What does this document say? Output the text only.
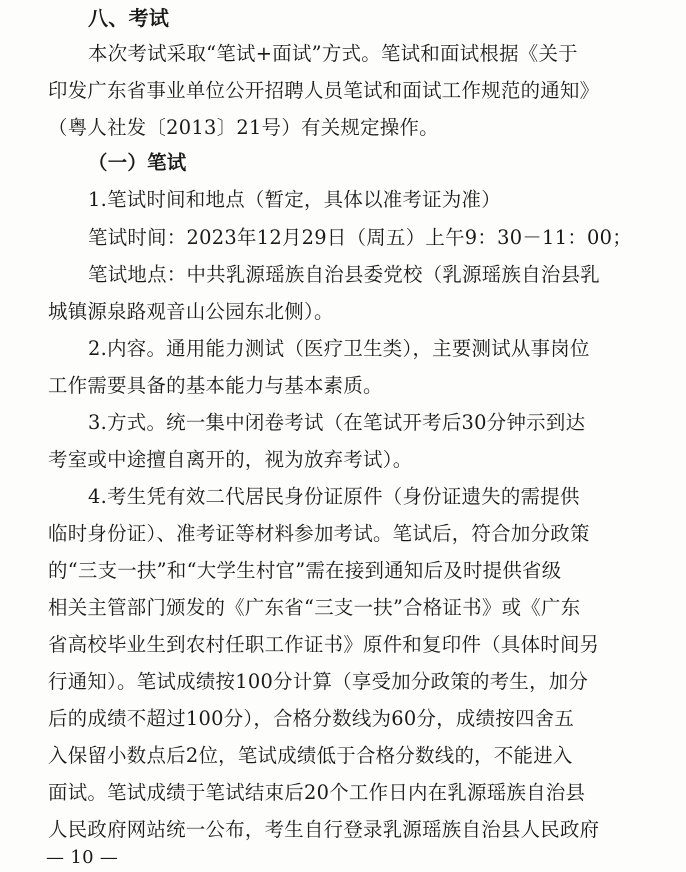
八、考试
本次考试采取“笔试+面试”方式。笔试和面试根据《关于
印发广东省事业单位公开招聘人员笔试和面试工作规范的通知》
（粤人社发〔2013〕21号）有关规定操作。
（一）笔试
1.笔试时间和地点（暂定，具体以准考证为准）
笔试时间：2023年12月29日（周五）上午9：30－11：00；
笔试地点：中共乳源瑶族自治县委党校（乳源瑶族自治县乳
城镇源泉路观音山公园东北侧）。
2.内容。通用能力测试（医疗卫生类），主要测试从事岗位
工作需要具备的基本能力与基本素质。
3.方式。统一集中闭卷考试（在笔试开考后30分钟示到达
考室或中途擅自离开的，视为放弃考试）。
4.考生凭有效二代居民身份证原件（身份证遗失的需提供
临时身份证）、准考证等材料参加考试。笔试后，符合加分政策
的“三支一扶”和“大学生村官”需在接到通知后及时提供省级
相关主管部门颁发的《广东省“三支一扶”合格证书》或《广东
省高校毕业生到农村任职工作证书》原件和复印件（具体时间另
行通知）。笔试成绩按100分计算（享受加分政策的考生，加分
后的成绩不超过100分），合格分数线为60分，成绩按四舍五
入保留小数点后2位，笔试成绩低于合格分数线的，不能进入
面试。笔试成绩于笔试结束后20个工作日内在乳源瑶族自治县
人民政府网站统一公布，考生自行登录乳源瑶族自治县人民政府
— 10 —
